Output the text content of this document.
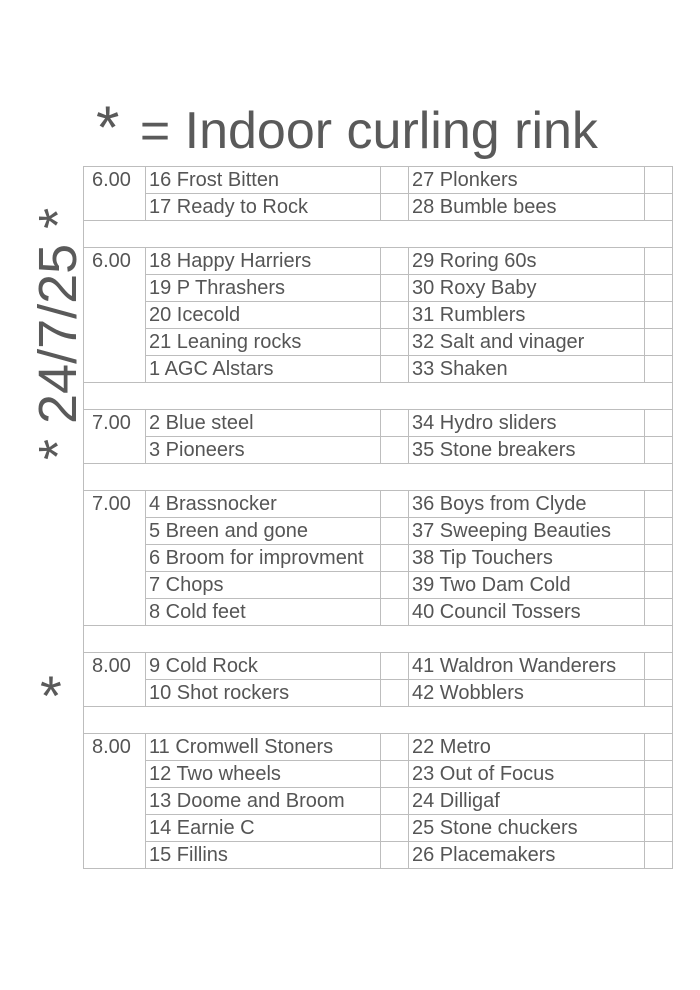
* = Indoor curling rink
* 24/7/25 *
*
6.00	16 Frost Bitten		27 Plonkers	
	17 Ready to Rock		28 Bumble bees	

6.00	18 Happy Harriers		29 Roring 60s	
	19 P Thrashers		30 Roxy Baby	
	20 Icecold		31 Rumblers	
	21 Leaning rocks		32 Salt and vinager	
	1 AGC Alstars		33 Shaken	

7.00	2 Blue steel		34 Hydro sliders	
	3 Pioneers		35 Stone breakers	

7.00	4 Brassnocker		36 Boys from Clyde	
	5 Breen and gone		37 Sweeping Beauties	
	6 Broom for improvment		38 Tip Touchers	
	7 Chops		39 Two Dam Cold	
	8 Cold feet		40 Council Tossers	

8.00	9 Cold Rock		41 Waldron Wanderers	
	10 Shot rockers		42 Wobblers	

8.00	11 Cromwell Stoners		22 Metro	
	12 Two wheels		23 Out of Focus	
	13 Doome and Broom		24 Dilligaf	
	14 Earnie C		25 Stone chuckers	
	15 Fillins		26 Placemakers	
